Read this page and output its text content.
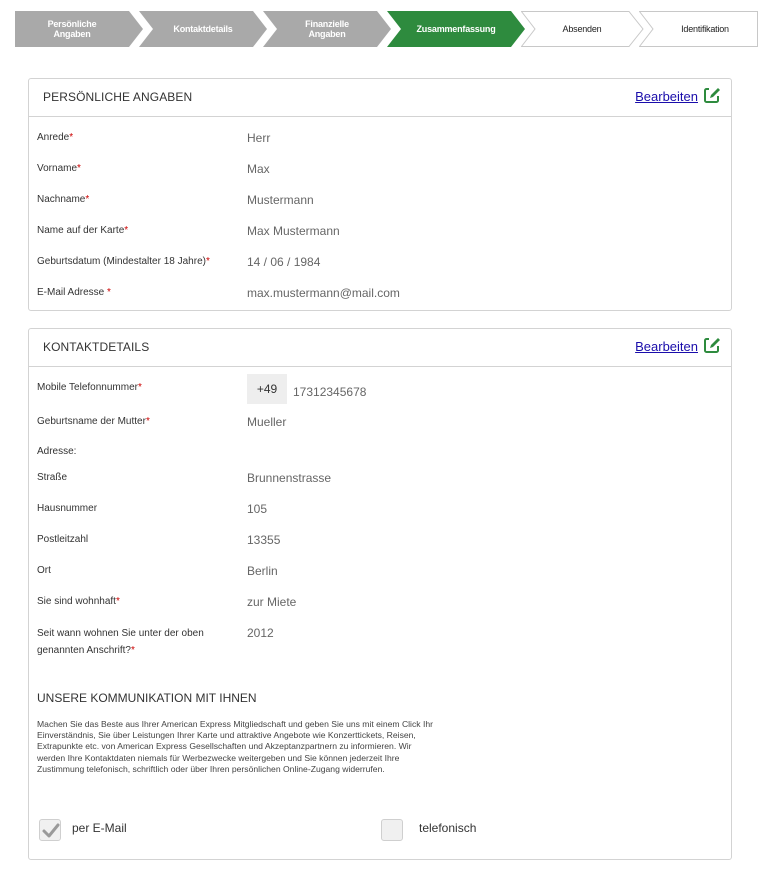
Persönliche
Angaben	Kontaktdetails	Finanzielle
Angaben	Zusammenfassung	Absenden	Identifikation
PERSÖNLICHE ANGABEN	Bearbeiten
Anrede*	Herr
Vorname*	Max
Nachname*	Mustermann
Name auf der Karte*	Max Mustermann
Geburtsdatum (Mindestalter 18 Jahre)*	14 / 06 / 1984
E-Mail Adresse *	max.mustermann@mail.com
KONTAKTDETAILS	Bearbeiten
Mobile Telefonnummer*	+49	17312345678
Geburtsname der Mutter*	Mueller
Adresse:
Straße	Brunnenstrasse
Hausnummer	105
Postleitzahl	13355
Ort	Berlin
Sie sind wohnhaft*	zur Miete
Seit wann wohnen Sie unter der oben
genannten Anschrift?*
2012
UNSERE KOMMUNIKATION MIT IHNEN
Machen Sie das Beste aus Ihrer American Express Mitgliedschaft und geben Sie uns mit einem Click Ihr Einverständnis, Sie über Leistungen Ihrer Karte und attraktive Angebote wie Konzerttickets, Reisen, Extrapunkte etc. von American Express Gesellschaften und Akzeptanzpartnern zu informieren. Wir werden Ihre Kontaktdaten niemals für Werbezwecke weitergeben und Sie können jederzeit Ihre Zustimmung telefonisch, schriftlich oder über Ihren persönlichen Online-Zugang widerrufen.
per E-Mail	telefonisch
